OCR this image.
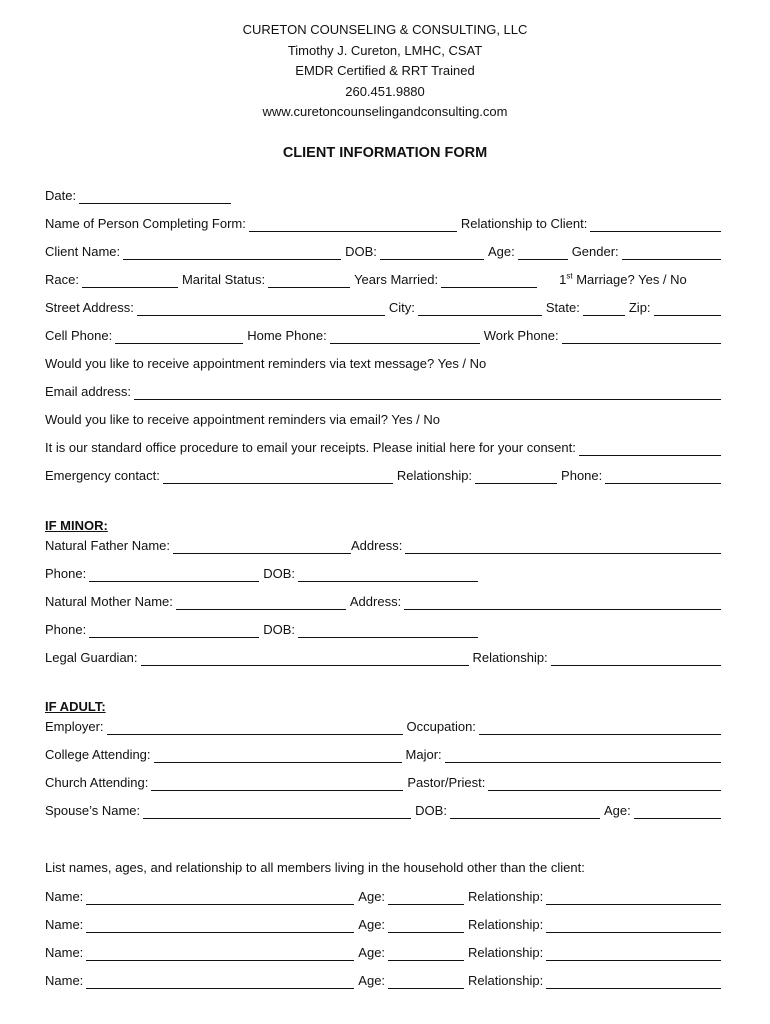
CURETON COUNSELING & CONSULTING, LLC
Timothy J. Cureton, LMHC, CSAT
EMDR Certified & RRT Trained
260.451.9880
www.curetoncounselingandconsulting.com
CLIENT INFORMATION FORM
Date:
Name of Person Completing Form:	Relationship to Client:
Client Name:	DOB:	Age:	Gender:
Race:	Marital Status:	Years Married:	1st Marriage? Yes / No
Street Address:	City:	State:	Zip:
Cell Phone:	Home Phone:	Work Phone:
Would you like to receive appointment reminders via text message? Yes / No
Email address:
Would you like to receive appointment reminders via email? Yes / No
It is our standard office procedure to email your receipts. Please initial here for your consent:
Emergency contact:	Relationship:	Phone:
IF MINOR:
Natural Father Name:	Address:
Phone:	DOB:
Natural Mother Name:	Address:
Phone:	DOB:
Legal Guardian:	Relationship:
IF ADULT:
Employer:	Occupation:
College Attending:	Major:
Church Attending:	Pastor/Priest:
Spouse’s Name:	DOB:	Age:
List names, ages, and relationship to all members living in the household other than the client:
Name:	Age:	Relationship:
Name:	Age:	Relationship:
Name:	Age:	Relationship:
Name:	Age:	Relationship:
